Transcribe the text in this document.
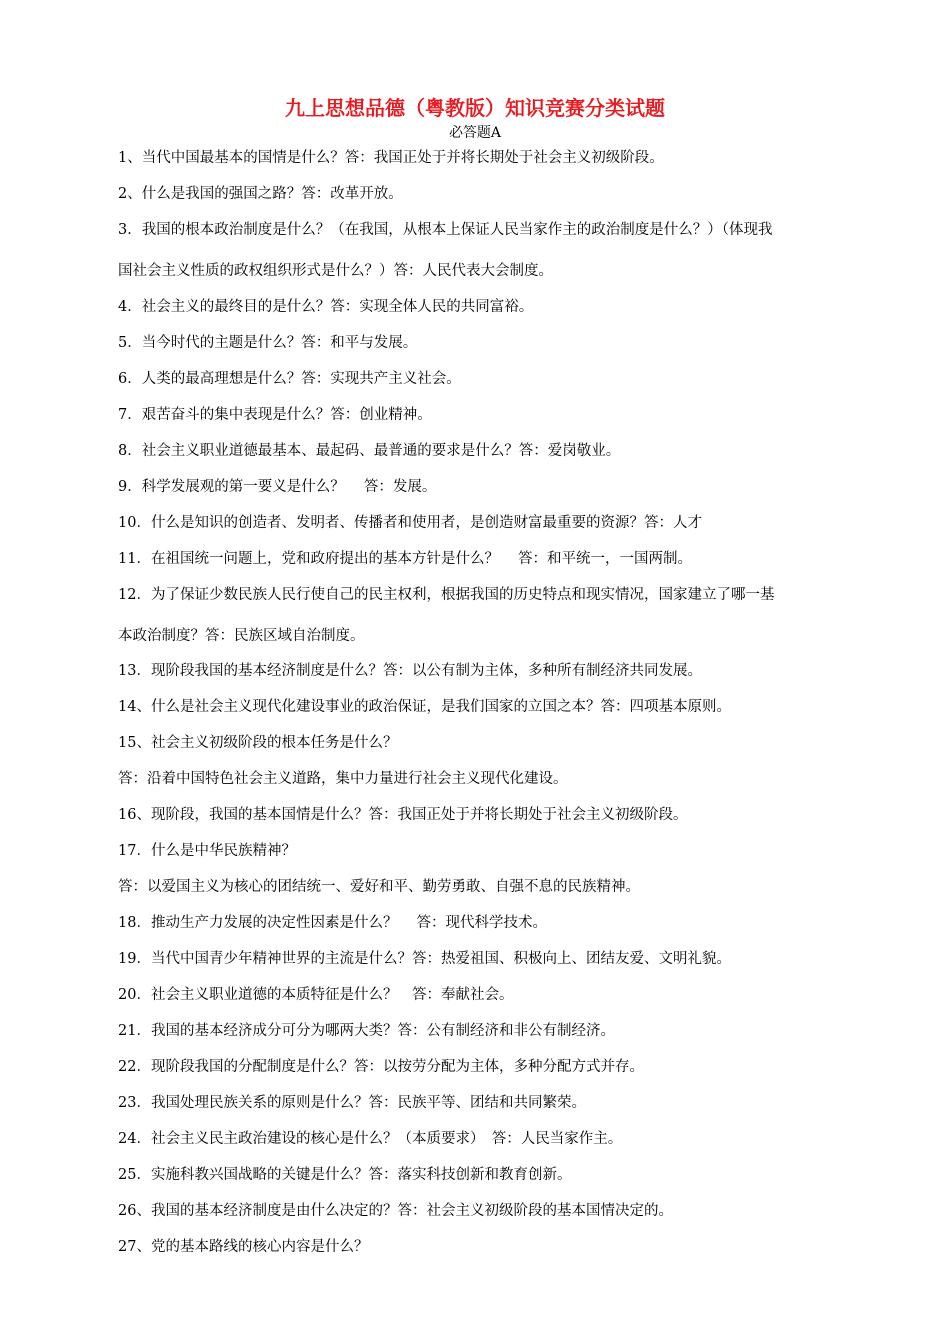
九上思想品德（粤教版）知识竞赛分类试题
必答题A
1、当代中国最基本的国情是什么？答：我国正处于并将长期处于社会主义初级阶段。
2、什么是我国的强国之路？答：改革开放。
3．我国的根本政治制度是什么？（在我国，从根本上保证人民当家作主的政治制度是什么？）（体现我
国社会主义性质的政权组织形式是什么？）答：人民代表大会制度。
4．社会主义的最终目的是什么？答：实现全体人民的共同富裕。
5．当今时代的主题是什么？答：和平与发展。
6．人类的最高理想是什么？答：实现共产主义社会。
7．艰苦奋斗的集中表现是什么？答：创业精神。
8．社会主义职业道德最基本、最起码、最普通的要求是什么？答：爱岗敬业。
9．科学发展观的第一要义是什么？　 答：发展。
10．什么是知识的创造者、发明者、传播者和使用者，是创造财富最重要的资源？答：人才
11．在祖国统一问题上，党和政府提出的基本方针是什么？　 答：和平统一，一国两制。
12．为了保证少数民族人民行使自己的民主权利，根据我国的历史特点和现实情况，国家建立了哪一基
本政治制度？答：民族区域自治制度。
13．现阶段我国的基本经济制度是什么？答：以公有制为主体，多种所有制经济共同发展。
14、什么是社会主义现代化建设事业的政治保证，是我们国家的立国之本？答：四项基本原则。
15、社会主义初级阶段的根本任务是什么？
答：沿着中国特色社会主义道路，集中力量进行社会主义现代化建设。
16、现阶段，我国的基本国情是什么？答：我国正处于并将长期处于社会主义初级阶段。
17．什么是中华民族精神？
答：以爱国主义为核心的团结统一、爱好和平、勤劳勇敢、自强不息的民族精神。
18．推动生产力发展的决定性因素是什么？　 答：现代科学技术。
19．当代中国青少年精神世界的主流是什么？答：热爱祖国、积极向上、团结友爱、文明礼貌。
20．社会主义职业道德的本质特征是什么？　答：奉献社会。
21．我国的基本经济成分可分为哪两大类？答：公有制经济和非公有制经济。
22．现阶段我国的分配制度是什么？答：以按劳分配为主体，多种分配方式并存。
23．我国处理民族关系的原则是什么？答：民族平等、团结和共同繁荣。
24．社会主义民主政治建设的核心是什么？（本质要求）　答：人民当家作主。
25．实施科教兴国战略的关键是什么？答：落实科技创新和教育创新。
26、我国的基本经济制度是由什么决定的？答：社会主义初级阶段的基本国情决定的。
27、党的基本路线的核心内容是什么？
